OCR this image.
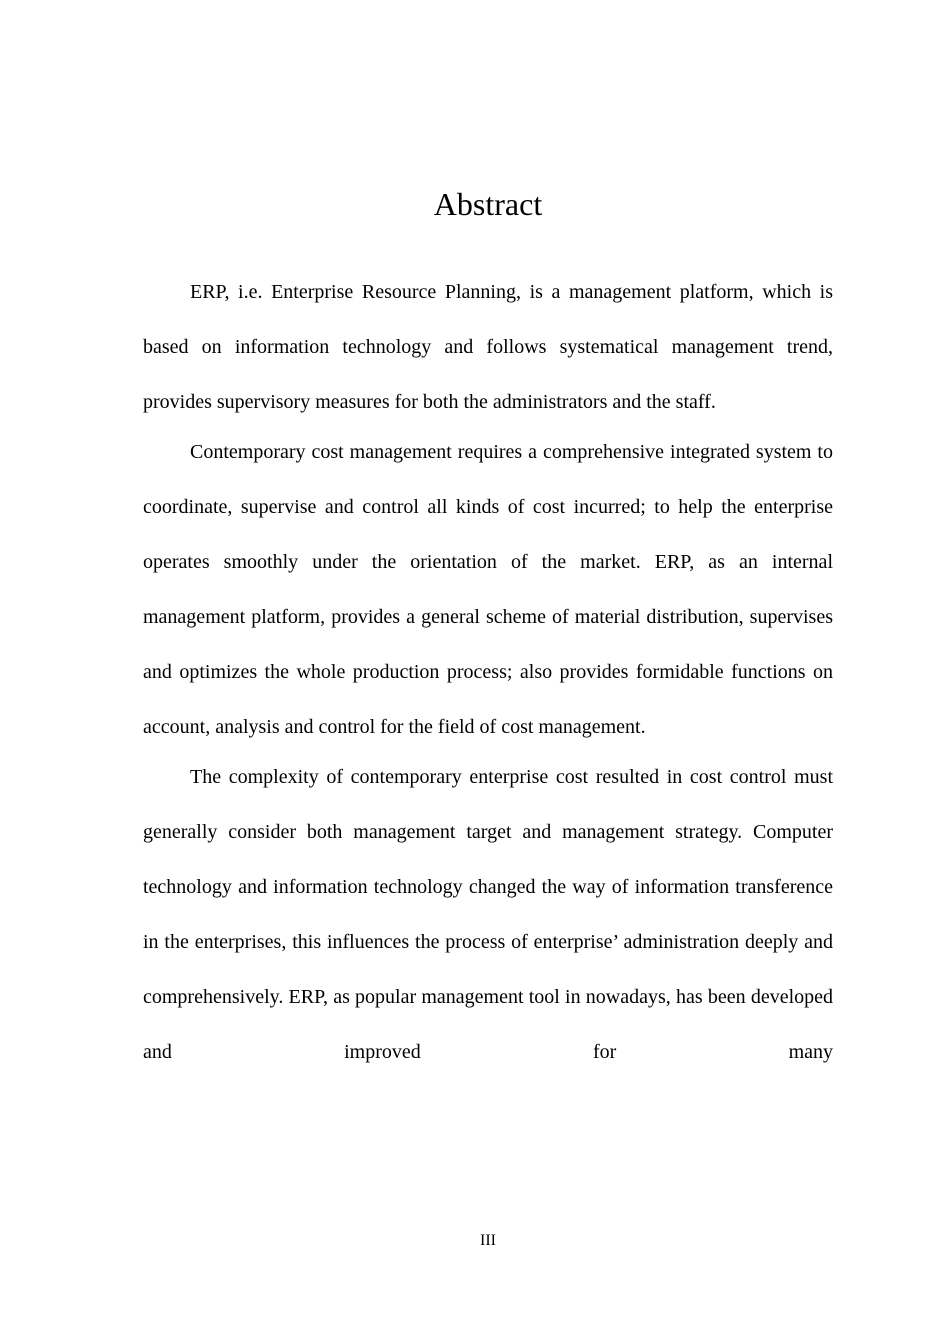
Abstract

ERP, i.e. Enterprise Resource Planning, is a management platform, which is based on information technology and follows systematical management trend, provides supervisory measures for both the administrators and the staff.

Contemporary cost management requires a comprehensive integrated system to coordinate, supervise and control all kinds of cost incurred; to help the enterprise operates smoothly under the orientation of the market. ERP, as an internal management platform, provides a general scheme of material distribution, supervises and optimizes the whole production process; also provides formidable functions on account, analysis and control for the field of cost management.

The complexity of contemporary enterprise cost resulted in cost control must generally consider both management target and management strategy. Computer technology and information technology changed the way of information transference in the enterprises, this influences the process of enterprise’ administration deeply and comprehensively. ERP, as popular management tool in nowadays, has been developed and improved for many

III
